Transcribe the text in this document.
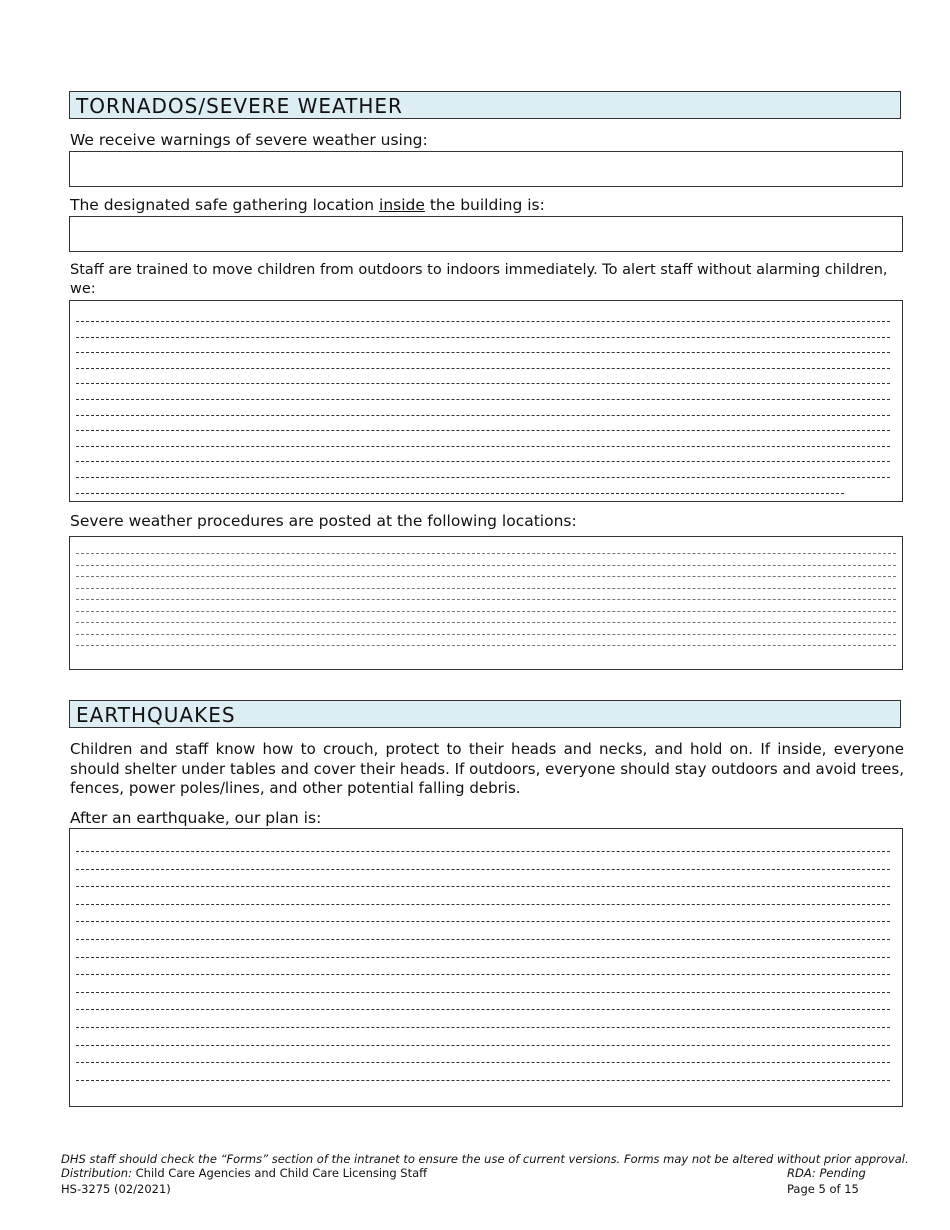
TORNADOS/SEVERE WEATHER
We receive warnings of severe weather using:
The designated safe gathering location inside the building is:
Staff are trained to move children from outdoors to indoors immediately. To alert staff without alarming children, we:
Severe weather procedures are posted at the following locations:
EARTHQUAKES
Children and staff know how to crouch, protect to their heads and necks, and hold on. If inside, everyone should shelter under tables and cover their heads. If outdoors, everyone should stay outdoors and avoid trees, fences, power poles/lines, and other potential falling debris.
After an earthquake, our plan is:
DHS staff should check the “Forms” section of the intranet to ensure the use of current versions. Forms may not be altered without prior approval.
Distribution: Child Care Agencies and Child Care Licensing Staff
HS-3275 (02/2021)
RDA: Pending
Page 5 of 15
